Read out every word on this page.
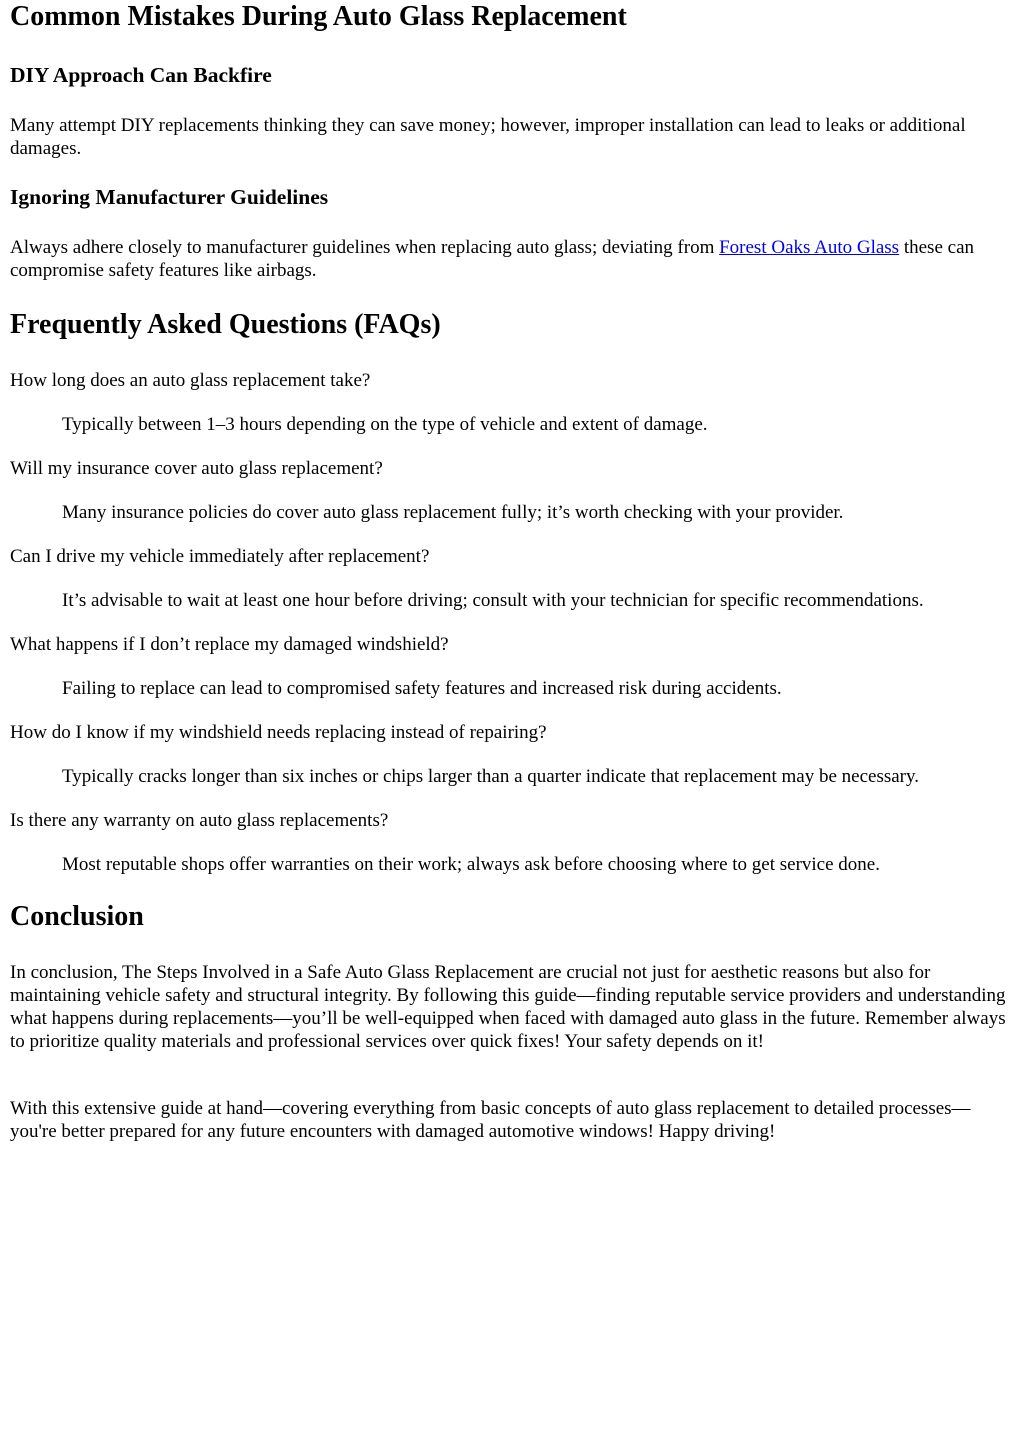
Common Mistakes During Auto Glass Replacement
DIY Approach Can Backfire

Many attempt DIY replacements thinking they can save money; however, improper installation can lead to leaks or additional damages.

Ignoring Manufacturer Guidelines

Always adhere closely to manufacturer guidelines when replacing auto glass; deviating from Forest Oaks Auto Glass these can compromise safety features like airbags.

Frequently Asked Questions (FAQs)
How long does an auto glass replacement take?
Typically between 1–3 hours depending on the type of vehicle and extent of damage.
Will my insurance cover auto glass replacement?
Many insurance policies do cover auto glass replacement fully; it’s worth checking with your provider.
Can I drive my vehicle immediately after replacement?
It’s advisable to wait at least one hour before driving; consult with your technician for specific recommendations.
What happens if I don’t replace my damaged windshield?
Failing to replace can lead to compromised safety features and increased risk during accidents.
How do I know if my windshield needs replacing instead of repairing?
Typically cracks longer than six inches or chips larger than a quarter indicate that replacement may be necessary.
Is there any warranty on auto glass replacements?
Most reputable shops offer warranties on their work; always ask before choosing where to get service done.
Conclusion

In conclusion, The Steps Involved in a Safe Auto Glass Replacement are crucial not just for aesthetic reasons but also for maintaining vehicle safety and structural integrity. By following this guide—finding reputable service providers and understanding what happens during replacements—you’ll be well-equipped when faced with damaged auto glass in the future. Remember always to prioritize quality materials and professional services over quick fixes! Your safety depends on it!

With this extensive guide at hand—covering everything from basic concepts of auto glass replacement to detailed processes—you're better prepared for any future encounters with damaged automotive windows! Happy driving!
